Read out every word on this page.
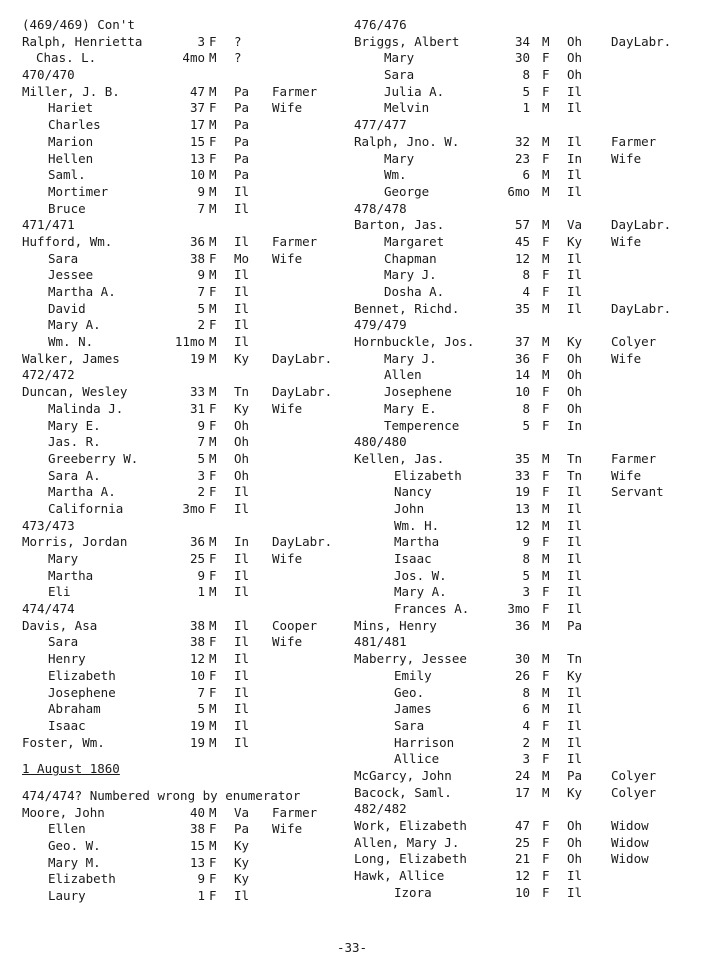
(469/469) Con't
Ralph, Henrietta	3 F ?
Chas. L.	4mo M ?
470/470
Miller, J. B.	47 M Pa Farmer
Hariet	37 F Pa Wife
Charles	17 M Pa
Marion	15 F Pa
Hellen	13 F Pa
Saml.	10 M Pa
Mortimer	9 M Il
Bruce	7 M Il
471/471
Hufford, Wm.	36 M Il Farmer
Sara	38 F Mo Wife
Jessee	9 M Il
Martha A.	7 F Il
David	5 M Il
Mary A.	2 F Il
Wm. N.	11mo M Il
Walker, James	19 M Ky DayLabr.
472/472
Duncan, Wesley	33 M Tn DayLabr.
Malinda J.	31 F Ky Wife
Mary E.	9 F Oh
Jas. R.	7 M Oh
Greeberry W.	5 M Oh
Sara A.	3 F Oh
Martha A.	2 F Il
California	3mo F Il
473/473
Morris, Jordan	36 M In DayLabr.
Mary	25 F Il Wife
Martha	9 F Il
Eli	1 M Il
474/474
Davis, Asa	38 M Il Cooper
Sara	38 F Il Wife
Henry	12 M Il
Elizabeth	10 F Il
Josephene	7 F Il
Abraham	5 M Il
Isaac	19 M Il
Foster, Wm.	19 M Il
1 August 1860
474/474? Numbered wrong by enumerator
Moore, John	40 M Va Farmer
Ellen	38 F Pa Wife
Geo. W.	15 M Ky
Mary M.	13 F Ky
Elizabeth	9 F Ky
Laury	1 F Il
476/476
Briggs, Albert	34 M Oh DayLabr.
Mary	30 F Oh
Sara	8 F Oh
Julia A.	5 F Il
Melvin	1 M Il
477/477
Ralph, Jno. W.	32 M Il Farmer
Mary	23 F In Wife
Wm.	6 M Il
George	6mo M Il
478/478
Barton, Jas.	57 M Va DayLabr.
Margaret	45 F Ky Wife
Chapman	12 M Il
Mary J.	8 F Il
Dosha A.	4 F Il
Bennet, Richd.	35 M Il DayLabr.
479/479
Hornbuckle, Jos.	37 M Ky Colyer
Mary J.	36 F Oh Wife
Allen	14 M Oh
Josephene	10 F Oh
Mary E.	8 F Oh
Temperence	5 F In
480/480
Kellen, Jas.	35 M Tn Farmer
Elizabeth	33 F Tn Wife
Nancy	19 F Il Servant
John	13 M Il
Wm. H.	12 M Il
Martha	9 F Il
Isaac	8 M Il
Jos. W.	5 M Il
Mary A.	3 F Il
Frances A.	3mo F Il
Mins, Henry	36 M Pa
481/481
Maberry, Jessee	30 M Tn
Emily	26 F Ky
Geo.	8 M Il
James	6 M Il
Sara	4 F Il
Harrison	2 M Il
Allice	3 F Il
McGarcy, John	24 M Pa Colyer
Bacock, Saml.	17 M Ky Colyer
482/482
Work, Elizabeth	47 F Oh Widow
Allen, Mary J.	25 F Oh Widow
Long, Elizabeth	21 F Oh Widow
Hawk, Allice	12 F Il
Izora	10 F Il
-33-
